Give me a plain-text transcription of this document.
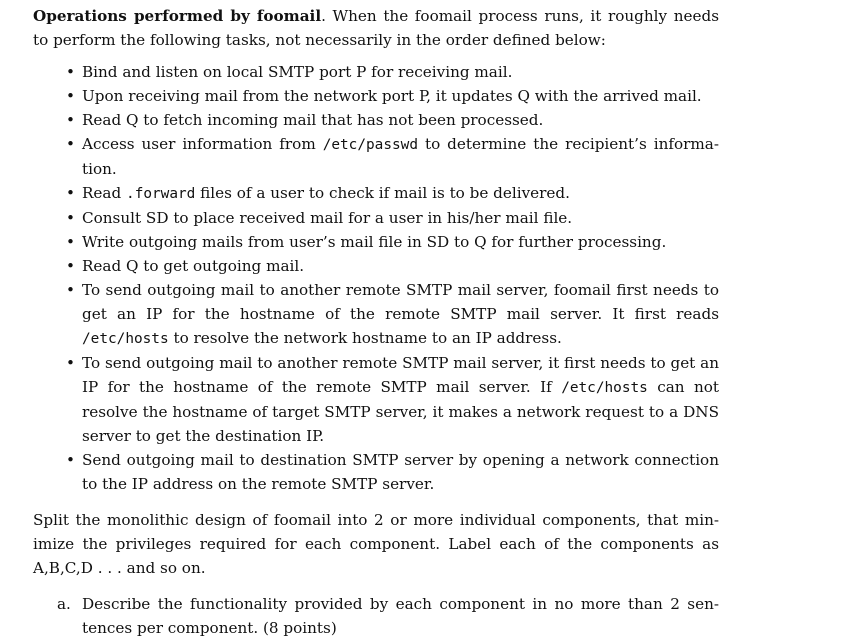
Operations performed by foomail. When the foomail process runs, it roughly needs to perform the following tasks, not necessarily in the order defined below:

• Bind and listen on local SMTP port P for receiving mail.
• Upon receiving mail from the network port P, it updates Q with the arrived mail.
• Read Q to fetch incoming mail that has not been processed.
• Access user information from /etc/passwd to determine the recipient’s information.
• Read .forward files of a user to check if mail is to be delivered.
• Consult SD to place received mail for a user in his/her mail file.
• Write outgoing mails from user’s mail file in SD to Q for further processing.
• Read Q to get outgoing mail.
• To send outgoing mail to another remote SMTP mail server, foomail first needs to get an IP for the hostname of the remote SMTP mail server. It first reads /etc/hosts to resolve the network hostname to an IP address.
• To send outgoing mail to another remote SMTP mail server, it first needs to get an IP for the hostname of the remote SMTP mail server. If /etc/hosts can not resolve the hostname of target SMTP server, it makes a network request to a DNS server to get the destination IP.
• Send outgoing mail to destination SMTP server by opening a network connection to the IP address on the remote SMTP server.

Split the monolithic design of foomail into 2 or more individual components, that minimize the privileges required for each component. Label each of the components as A,B,C,D . . . and so on.

a. Describe the functionality provided by each component in no more than 2 sentences per component. (8 points)
